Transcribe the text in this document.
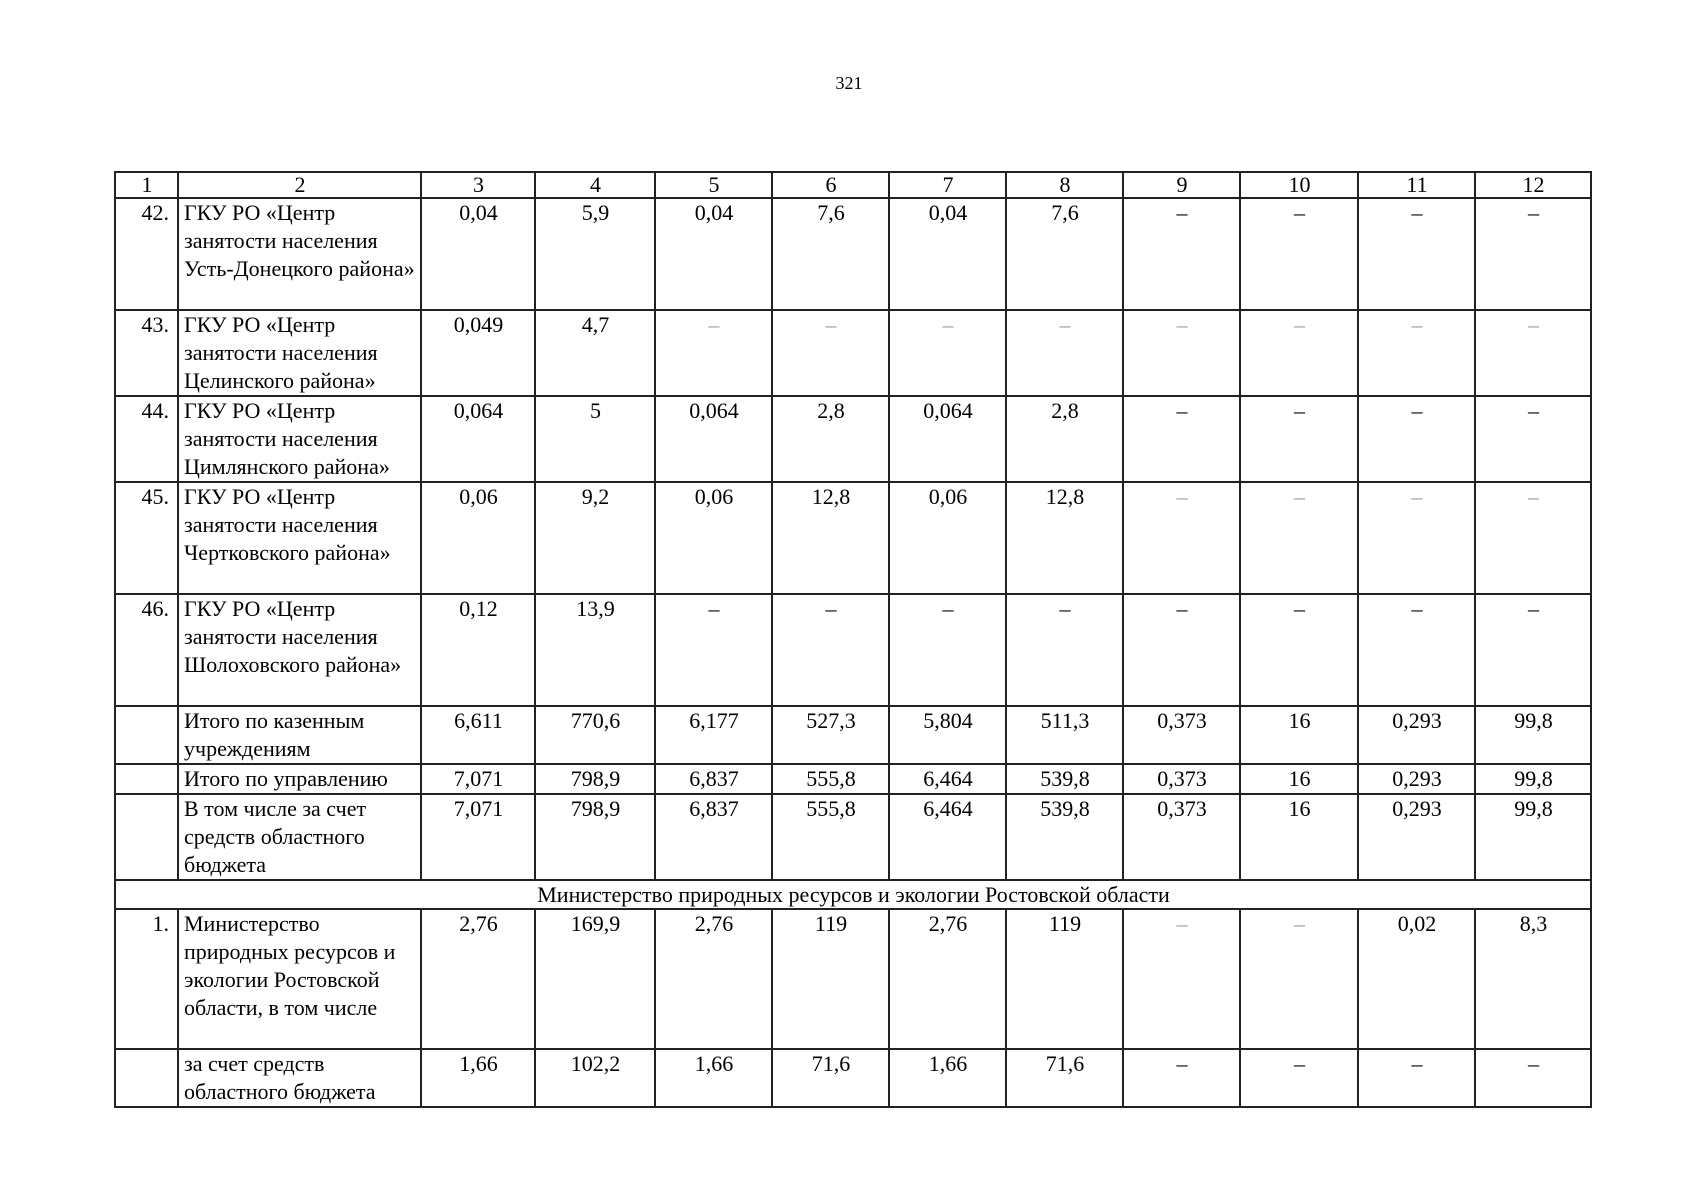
321
1	2	3	4	5	6	7	8	9	10	11	12
42.	ГКУ РО «Центр занятости населения Усть-Донецкого района»	0,04	5,9	0,04	7,6	0,04	7,6	–	–	–	–
43.	ГКУ РО «Центр занятости населения Целинского района»	0,049	4,7	–	–	–	–	–	–	–	–
44.	ГКУ РО «Центр занятости населения Цимлянского района»	0,064	5	0,064	2,8	0,064	2,8	–	–	–	–
45.	ГКУ РО «Центр занятости населения Чертковского района»	0,06	9,2	0,06	12,8	0,06	12,8	–	–	–	–
46.	ГКУ РО «Центр занятости населения Шолоховского района»	0,12	13,9	–	–	–	–	–	–	–	–
	Итого по казенным учреждениям	6,611	770,6	6,177	527,3	5,804	511,3	0,373	16	0,293	99,8
	Итого по управлению	7,071	798,9	6,837	555,8	6,464	539,8	0,373	16	0,293	99,8
	В том числе за счет средств областного бюджета	7,071	798,9	6,837	555,8	6,464	539,8	0,373	16	0,293	99,8
Министерство природных ресурсов и экологии Ростовской области											
1.	Министерство природных ресурсов и экологии Ростовской области, в том числе	2,76	169,9	2,76	119	2,76	119	–	–	0,02	8,3
	за счет средств областного бюджета	1,66	102,2	1,66	71,6	1,66	71,6	–	–	–	–
